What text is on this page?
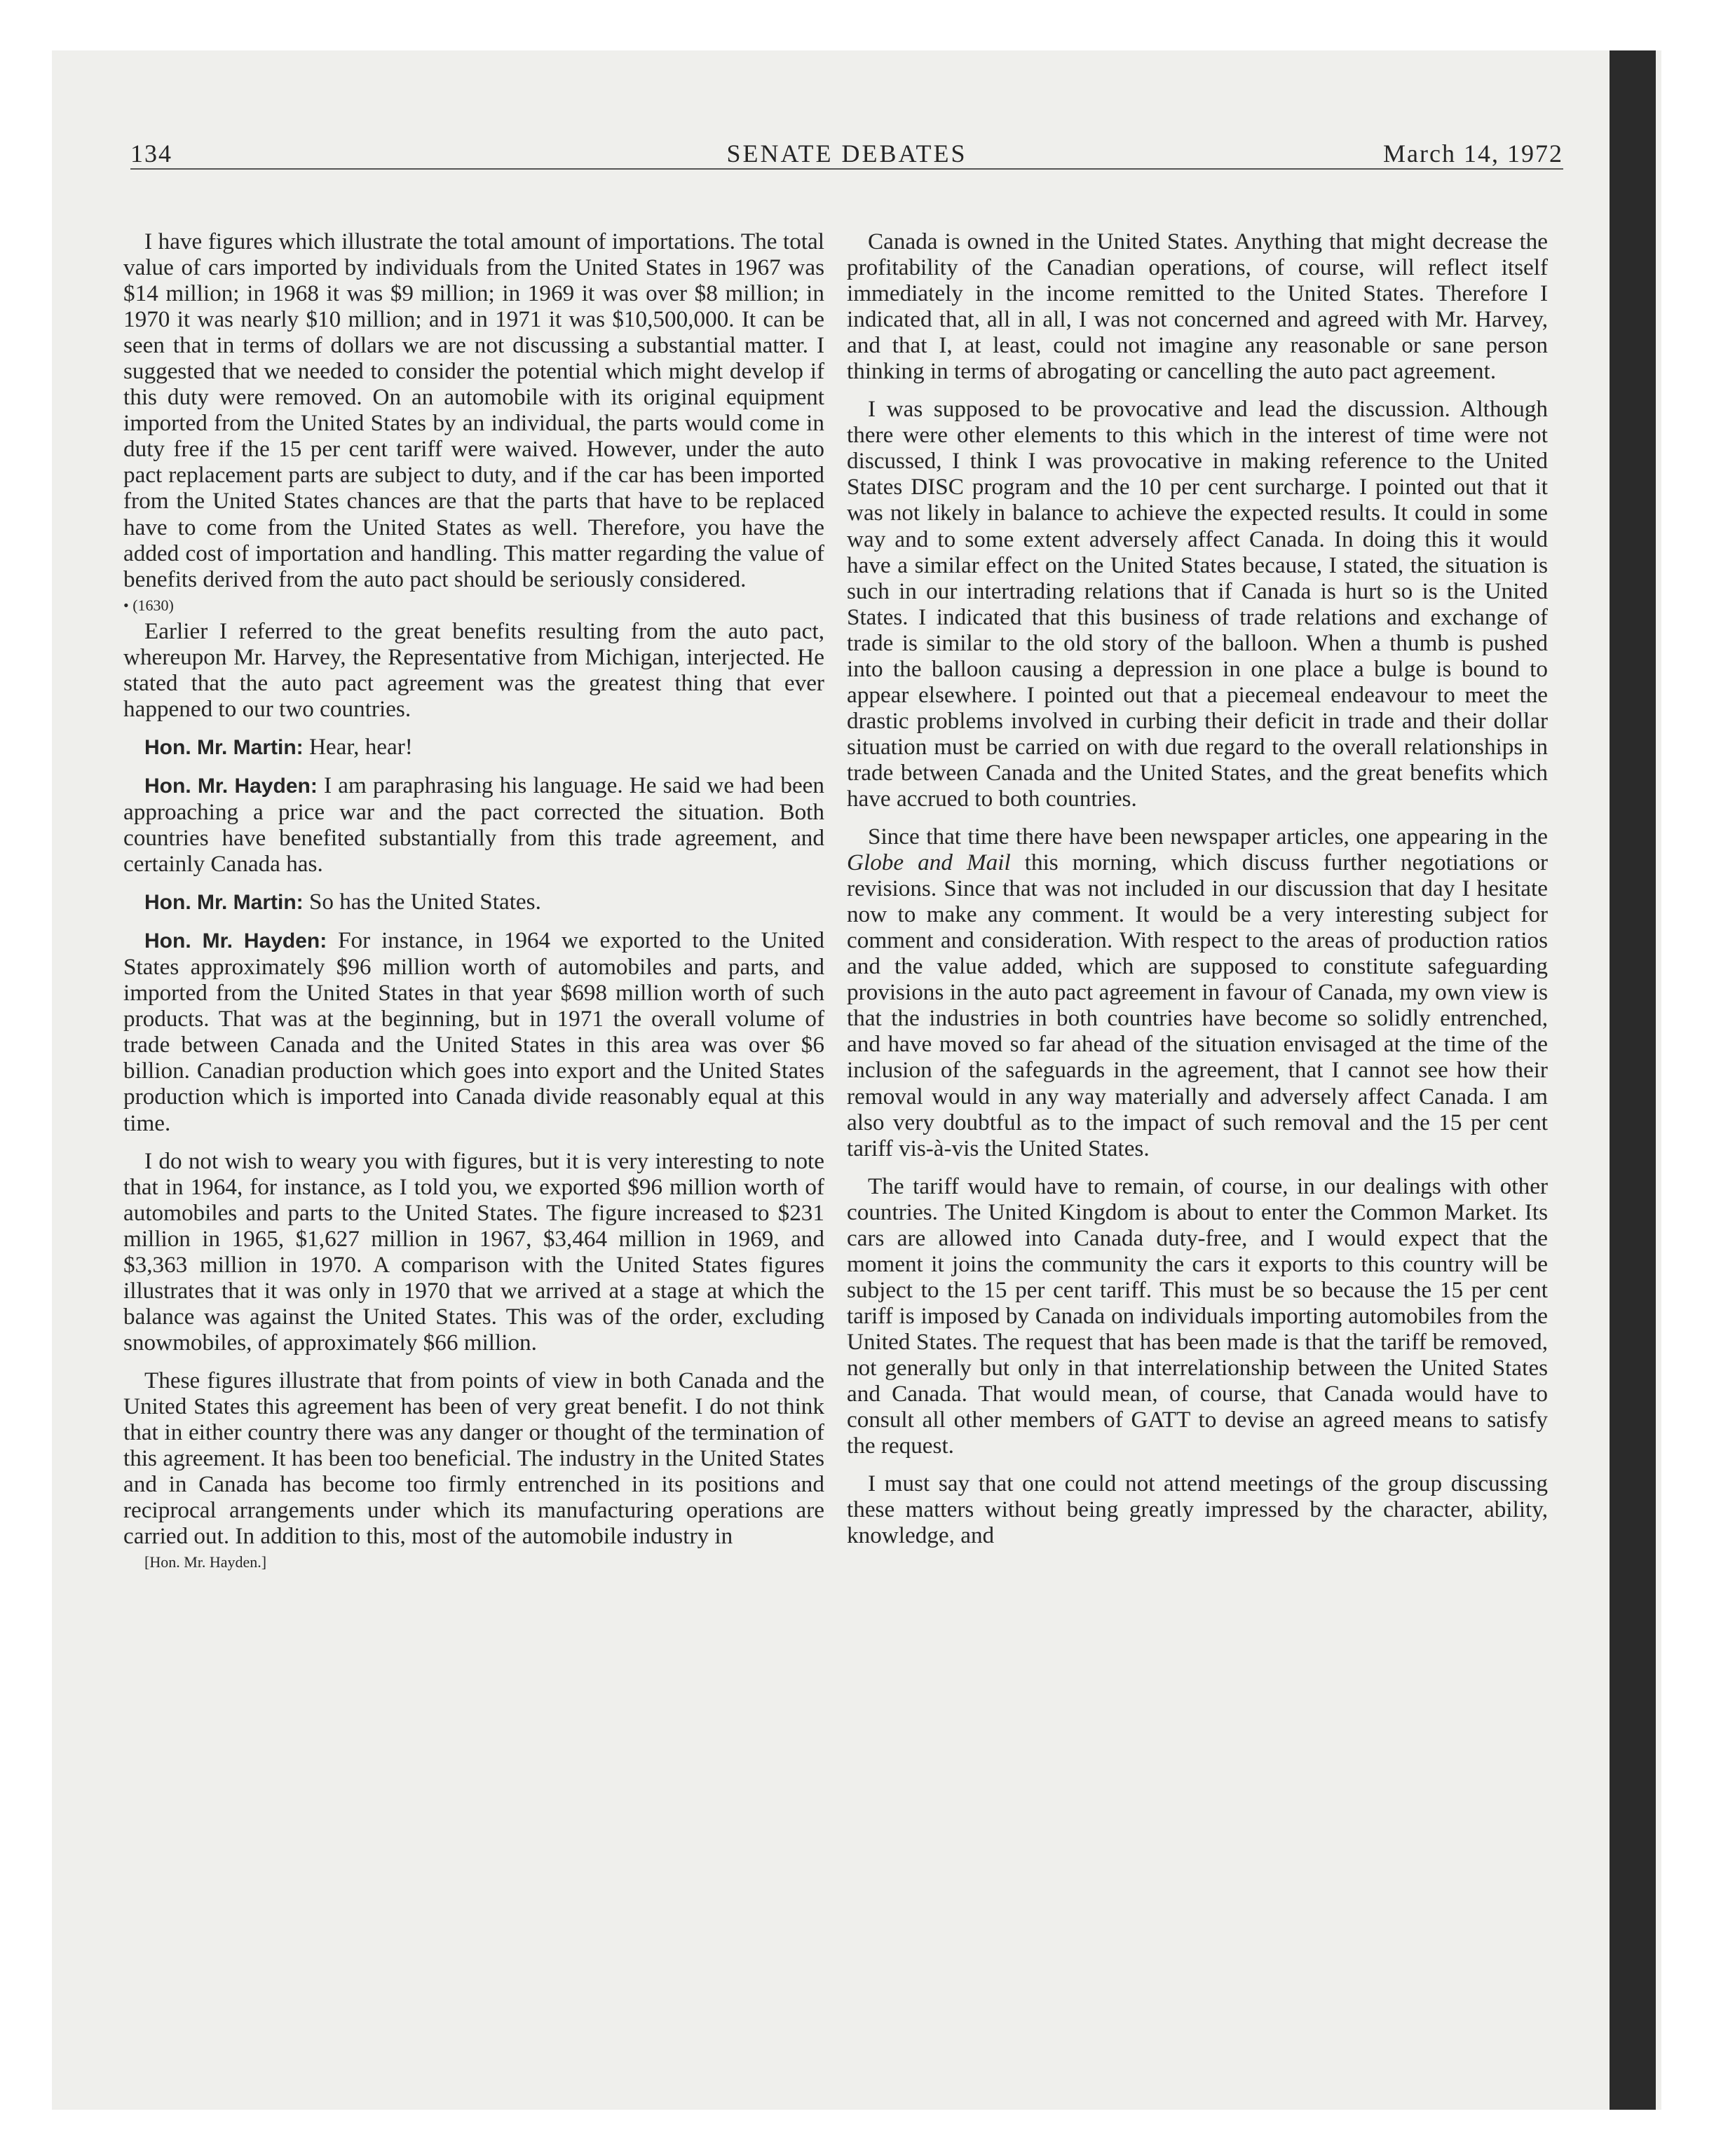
134	SENATE DEBATES	March 14, 1972

I have figures which illustrate the total amount of importations. The total value of cars imported by individuals from the United States in 1967 was $14 million; in 1968 it was $9 million; in 1969 it was over $8 million; in 1970 it was nearly $10 million; and in 1971 it was $10,500,000. It can be seen that in terms of dollars we are not discussing a substantial matter. I suggested that we needed to consider the potential which might develop if this duty were removed. On an automobile with its original equipment imported from the United States by an individual, the parts would come in duty free if the 15 per cent tariff were waived. However, under the auto pact replacement parts are subject to duty, and if the car has been imported from the United States chances are that the parts that have to be replaced have to come from the United States as well. Therefore, you have the added cost of importation and handling. This matter regarding the value of benefits derived from the auto pact should be seriously considered.

• (1630)

Earlier I referred to the great benefits resulting from the auto pact, whereupon Mr. Harvey, the Representative from Michigan, interjected. He stated that the auto pact agreement was the greatest thing that ever happened to our two countries.

Hon. Mr. Martin: Hear, hear!

Hon. Mr. Hayden: I am paraphrasing his language. He said we had been approaching a price war and the pact corrected the situation. Both countries have benefited substantially from this trade agreement, and certainly Canada has.

Hon. Mr. Martin: So has the United States.

Hon. Mr. Hayden: For instance, in 1964 we exported to the United States approximately $96 million worth of automobiles and parts, and imported from the United States in that year $698 million worth of such products. That was at the beginning, but in 1971 the overall volume of trade between Canada and the United States in this area was over $6 billion. Canadian production which goes into export and the United States production which is imported into Canada divide reasonably equal at this time.

I do not wish to weary you with figures, but it is very interesting to note that in 1964, for instance, as I told you, we exported $96 million worth of automobiles and parts to the United States. The figure increased to $231 million in 1965, $1,627 million in 1967, $3,464 million in 1969, and $3,363 million in 1970. A comparison with the United States figures illustrates that it was only in 1970 that we arrived at a stage at which the balance was against the United States. This was of the order, excluding snowmobiles, of approximately $66 million.

These figures illustrate that from points of view in both Canada and the United States this agreement has been of very great benefit. I do not think that in either country there was any danger or thought of the termination of this agreement. It has been too beneficial. The industry in the United States and in Canada has become too firmly entrenched in its positions and reciprocal arrangements under which its manufacturing operations are carried out. In addition to this, most of the automobile industry in

[Hon. Mr. Hayden.]

Canada is owned in the United States. Anything that might decrease the profitability of the Canadian operations, of course, will reflect itself immediately in the income remitted to the United States. Therefore I indicated that, all in all, I was not concerned and agreed with Mr. Harvey, and that I, at least, could not imagine any reasonable or sane person thinking in terms of abrogating or cancelling the auto pact agreement.

I was supposed to be provocative and lead the discussion. Although there were other elements to this which in the interest of time were not discussed, I think I was provocative in making reference to the United States DISC program and the 10 per cent surcharge. I pointed out that it was not likely in balance to achieve the expected results. It could in some way and to some extent adversely affect Canada. In doing this it would have a similar effect on the United States because, I stated, the situation is such in our intertrading relations that if Canada is hurt so is the United States. I indicated that this business of trade relations and exchange of trade is similar to the old story of the balloon. When a thumb is pushed into the balloon causing a depression in one place a bulge is bound to appear elsewhere. I pointed out that a piecemeal endeavour to meet the drastic problems involved in curbing their deficit in trade and their dollar situation must be carried on with due regard to the overall relationships in trade between Canada and the United States, and the great benefits which have accrued to both countries.

Since that time there have been newspaper articles, one appearing in the Globe and Mail this morning, which discuss further negotiations or revisions. Since that was not included in our discussion that day I hesitate now to make any comment. It would be a very interesting subject for comment and consideration. With respect to the areas of production ratios and the value added, which are supposed to constitute safeguarding provisions in the auto pact agreement in favour of Canada, my own view is that the industries in both countries have become so solidly entrenched, and have moved so far ahead of the situation envisaged at the time of the inclusion of the safeguards in the agreement, that I cannot see how their removal would in any way materially and adversely affect Canada. I am also very doubtful as to the impact of such removal and the 15 per cent tariff vis-à-vis the United States.

The tariff would have to remain, of course, in our dealings with other countries. The United Kingdom is about to enter the Common Market. Its cars are allowed into Canada duty-free, and I would expect that the moment it joins the community the cars it exports to this country will be subject to the 15 per cent tariff. This must be so because the 15 per cent tariff is imposed by Canada on individuals importing automobiles from the United States. The request that has been made is that the tariff be removed, not generally but only in that interrelationship between the United States and Canada. That would mean, of course, that Canada would have to consult all other members of GATT to devise an agreed means to satisfy the request.

I must say that one could not attend meetings of the group discussing these matters without being greatly impressed by the character, ability, knowledge, and
